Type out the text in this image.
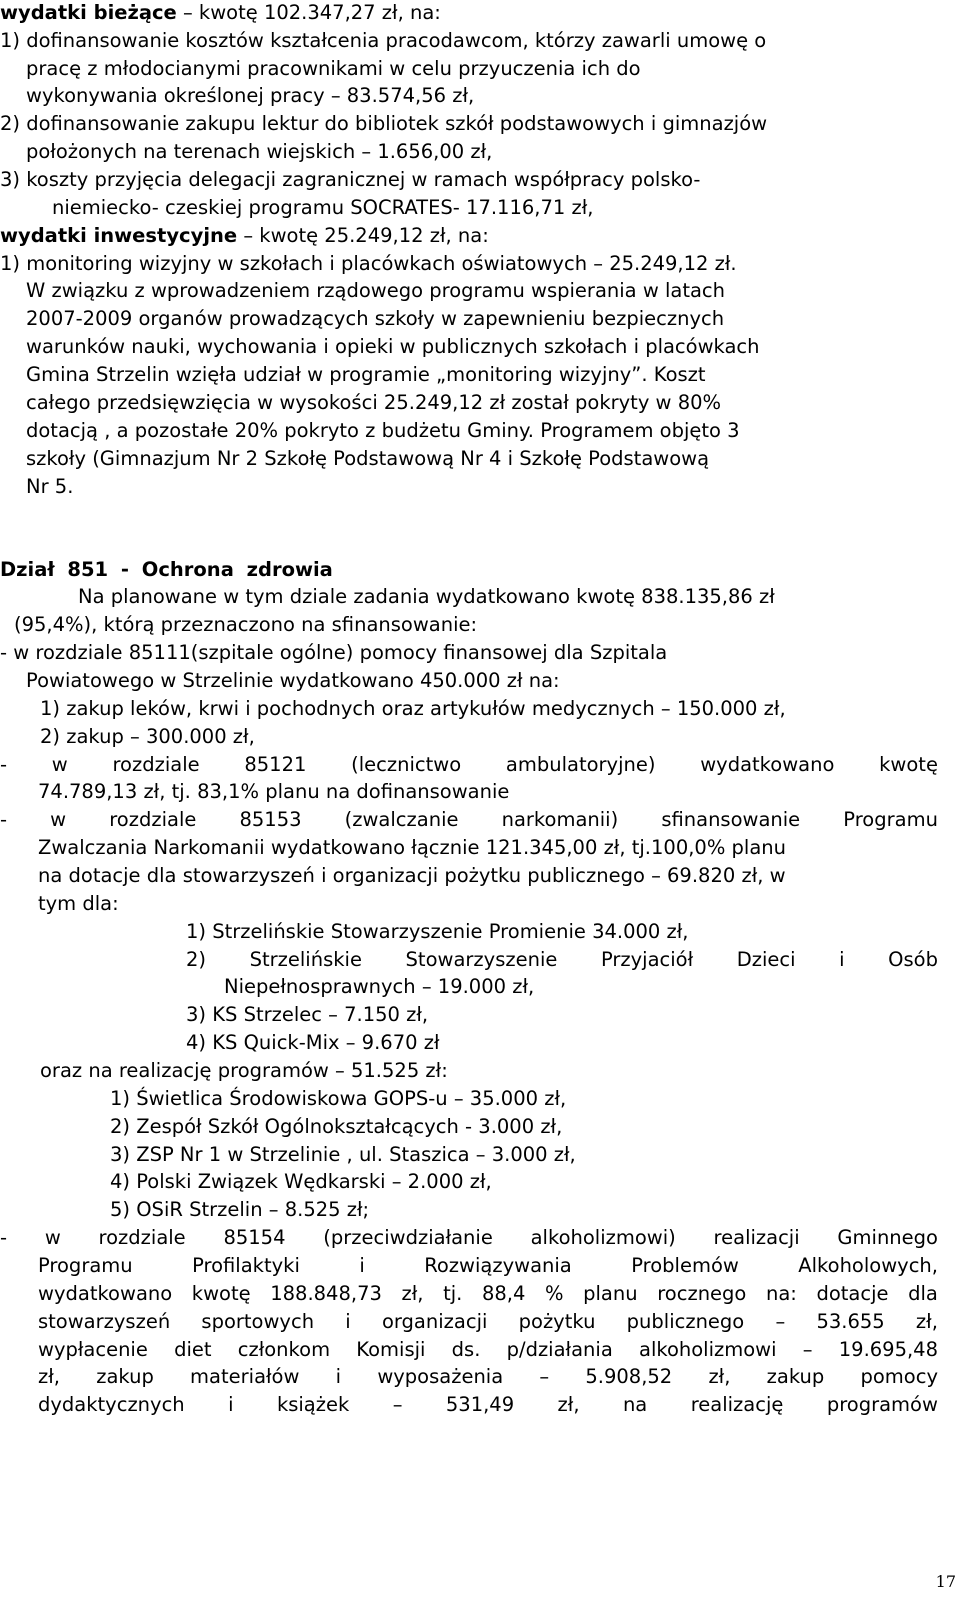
wydatki bieżące – kwotę 102.347,27 zł, na:
1) dofinansowanie kosztów kształcenia pracodawcom, którzy zawarli umowę o
pracę z młodocianymi pracownikami w celu przyuczenia ich do
wykonywania określonej pracy – 83.574,56 zł,
2) dofinansowanie zakupu lektur do bibliotek szkół podstawowych i gimnazjów
położonych na terenach wiejskich – 1.656,00 zł,
3) koszty przyjęcia delegacji zagranicznej w ramach współpracy polsko-
niemiecko- czeskiej programu SOCRATES- 17.116,71 zł,
wydatki inwestycyjne – kwotę 25.249,12 zł, na:
1) monitoring wizyjny w szkołach i placówkach oświatowych – 25.249,12 zł.
W związku z wprowadzeniem rządowego programu wspierania w latach
2007-2009 organów prowadzących szkoły w zapewnieniu bezpiecznych
warunków nauki, wychowania i opieki w publicznych szkołach i placówkach
Gmina Strzelin wzięła udział w programie „monitoring wizyjny”. Koszt
całego przedsięwzięcia w wysokości 25.249,12 zł został pokryty w 80%
dotacją , a pozostałe 20% pokryto z budżetu Gminy. Programem objęto 3
szkoły (Gimnazjum Nr 2 Szkołę Podstawową Nr 4 i Szkołę Podstawową
Nr 5.
Dział 851 - Ochrona zdrowia
Na planowane w tym dziale zadania wydatkowano kwotę 838.135,86 zł
(95,4%), którą przeznaczono na sfinansowanie:
- w rozdziale 85111(szpitale ogólne) pomocy finansowej dla Szpitala
Powiatowego w Strzelinie wydatkowano 450.000 zł na:
1) zakup leków, krwi i pochodnych oraz artykułów medycznych – 150.000 zł,
2) zakup – 300.000 zł,
- w rozdziale 85121 (lecznictwo ambulatoryjne) wydatkowano kwotę
74.789,13 zł, tj. 83,1% planu na dofinansowanie
- w rozdziale 85153 (zwalczanie narkomanii) sfinansowanie Programu
Zwalczania Narkomanii wydatkowano łącznie 121.345,00 zł, tj.100,0% planu
na dotacje dla stowarzyszeń i organizacji pożytku publicznego – 69.820 zł, w
tym dla:
1) Strzelińskie Stowarzyszenie Promienie 34.000 zł,
2) Strzelińskie Stowarzyszenie Przyjaciół Dzieci i Osób
Niepełnosprawnych – 19.000 zł,
3) KS Strzelec – 7.150 zł,
4) KS Quick-Mix – 9.670 zł
oraz na realizację programów – 51.525 zł:
1) Świetlica Środowiskowa GOPS-u – 35.000 zł,
2) Zespół Szkół Ogólnokształcących - 3.000 zł,
3) ZSP Nr 1 w Strzelinie , ul. Staszica – 3.000 zł,
4) Polski Związek Wędkarski – 2.000 zł,
5) OSiR Strzelin – 8.525 zł;
- w rozdziale 85154 (przeciwdziałanie alkoholizmowi) realizacji Gminnego
Programu	Profilaktyki	i	Rozwiązywania	Problemów	Alkoholowych,
wydatkowano kwotę 188.848,73 zł, tj. 88,4 % planu rocznego na: dotacje dla
stowarzyszeń sportowych i organizacji pożytku publicznego – 53.655 zł,
wypłacenie diet członkom Komisji ds. p/działania alkoholizmowi – 19.695,48
zł, zakup materiałów i wyposażenia – 5.908,52 zł, zakup pomocy
dydaktycznych i książek – 531,49 zł, na realizację programów
17
